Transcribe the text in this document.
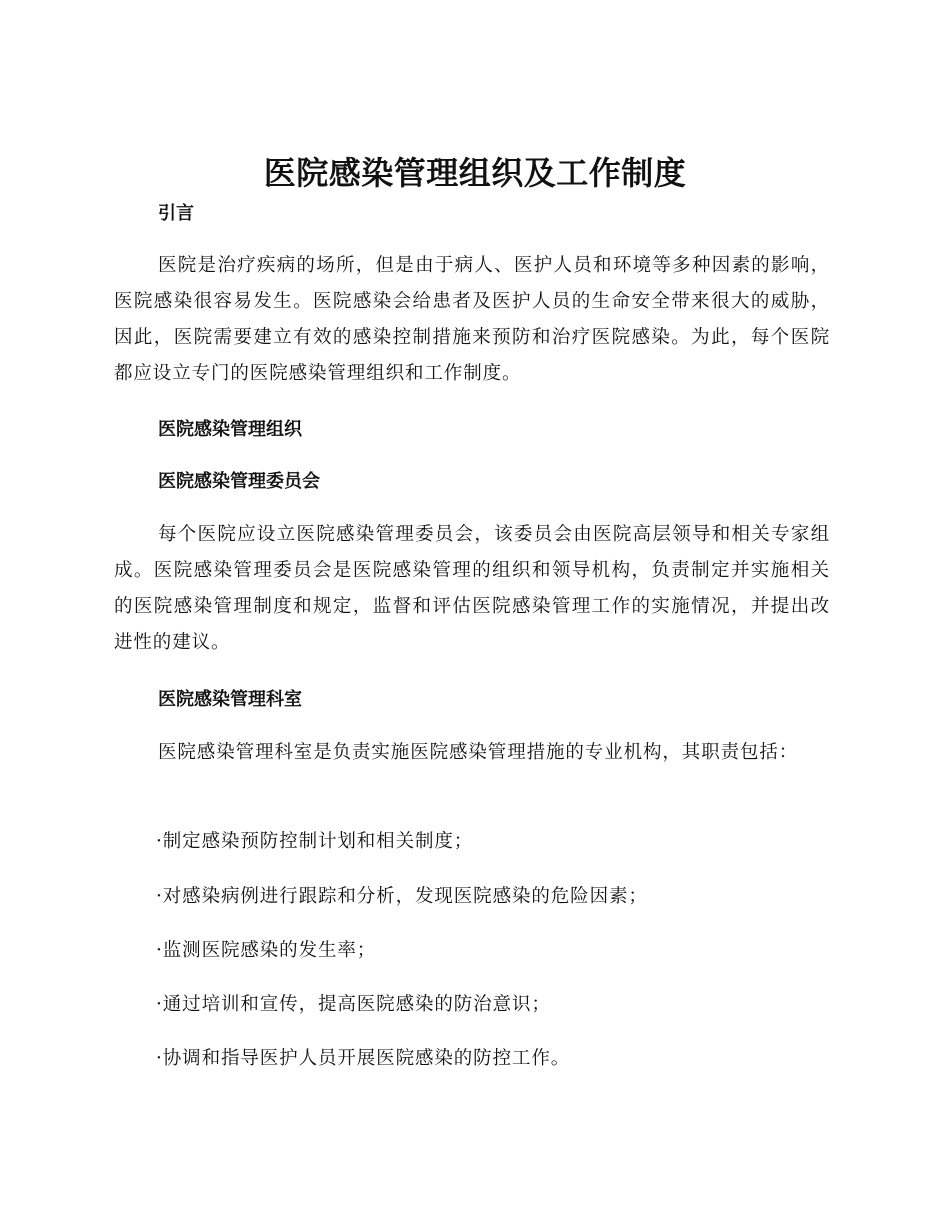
医院感染管理组织及工作制度
引言

医院是治疗疾病的场所，但是由于病人、医护人员和环境等多种因素的影响，医院感染很容易发生。医院感染会给患者及医护人员的生命安全带来很大的威胁，因此，医院需要建立有效的感染控制措施来预防和治疗医院感染。为此，每个医院都应设立专门的医院感染管理组织和工作制度。

医院感染管理组织
医院感染管理委员会

每个医院应设立医院感染管理委员会，该委员会由医院高层领导和相关专家组成。医院感染管理委员会是医院感染管理的组织和领导机构，负责制定并实施相关的医院感染管理制度和规定，监督和评估医院感染管理工作的实施情况，并提出改进性的建议。

医院感染管理科室

医院感染管理科室是负责实施医院感染管理措施的专业机构，其职责包括：

·制定感染预防控制计划和相关制度；

·对感染病例进行跟踪和分析，发现医院感染的危险因素；

·监测医院感染的发生率；

·通过培训和宣传，提高医院感染的防治意识；

·协调和指导医护人员开展医院感染的防控工作。
